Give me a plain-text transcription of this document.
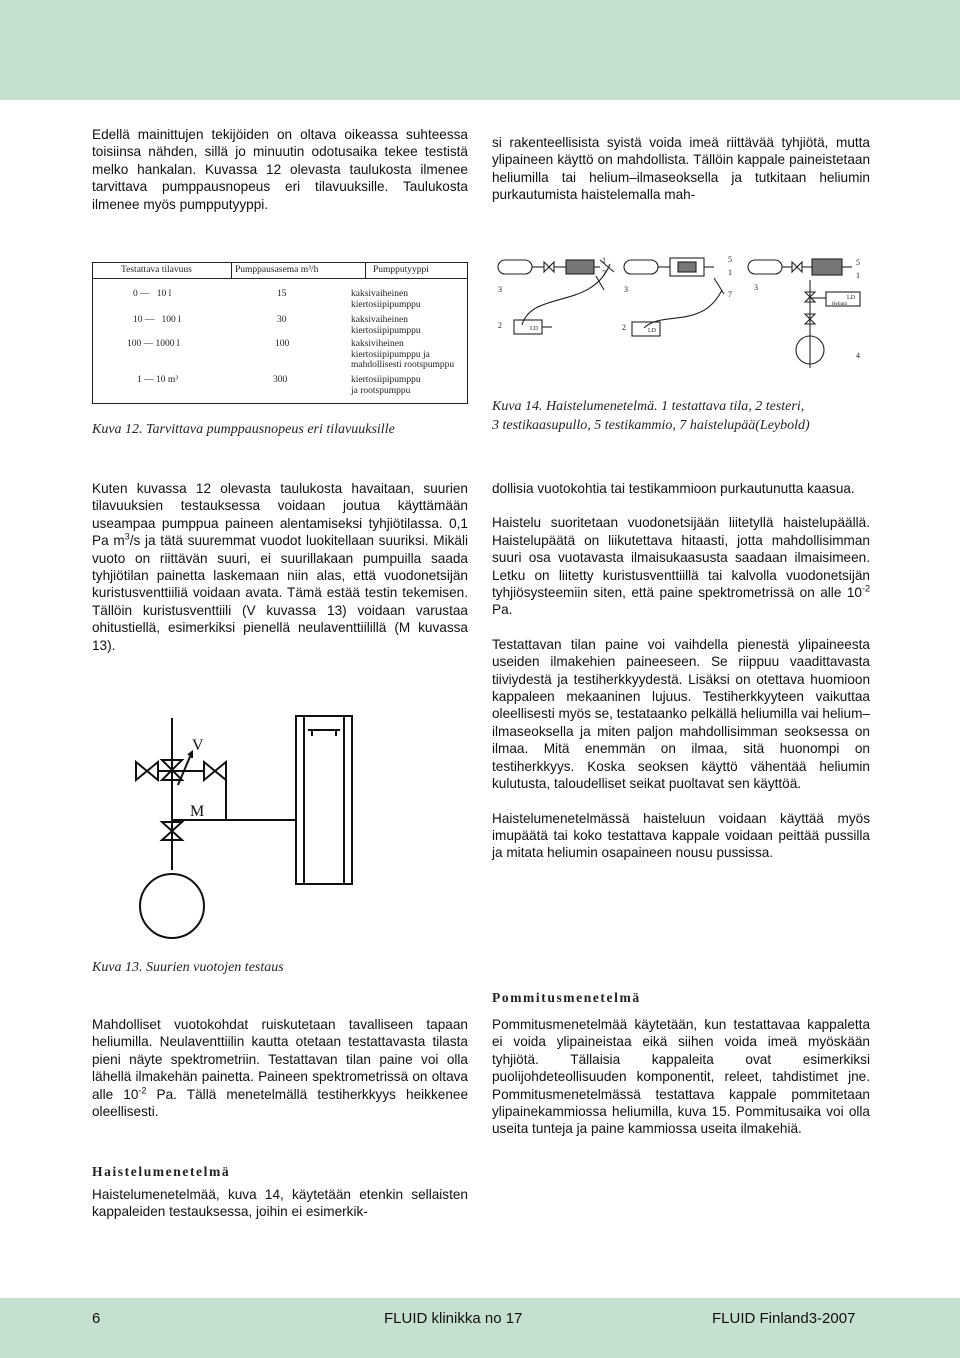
Edellä mainittujen tekijöiden on oltava oikeassa suhteessa toisiinsa nähden, sillä jo minuutin odotusaika tekee testistä melko hankalan. Kuvassa 12 olevasta taulukosta ilmenee tarvittava pumppausnopeus eri tilavuuksille. Taulukosta ilmenee myös pumpputyyppi.

si rakenteellisista syistä voida imeä riittävää tyhjiötä, mutta ylipaineen käyttö on mahdollista. Tällöin kappale paineistetaan heliumilla tai helium–ilmaseoksella ja tutkitaan heliumin purkautumista haistelemalla mah-

Testattava tilavuus	Pumppausasema m³/h	Pumpputyyppi
0 —   10 l	15	kaksivaiheinen
kiertosiipipumppu
10 —   100 l	30	kaksivaiheinen
kiertosiipipumppu
100 — 1000 l	100	kaksiviheinen
kiertosiipipumppu ja
mahdollisesti rootspumppu
1 — 10 m³	300	kiertosiipipumppu
ja rootspumppu
Kuva 12. Tarvittava pumppausnopeus eri tilavuuksille
1
7
3
2	LD
5
1
7
3
2	LD
5
1
3
LD
Helium
4
Kuva 14. Haistelumenetelmä. 1 testattava tila, 2 testeri,
3 testikaasupullo, 5 testikammio, 7 haistelupää(Leybold)

Kuten kuvassa 12 olevasta taulukosta havaitaan, suurien tilavuuksien testauksessa voidaan joutua käyttämään useampaa pumppua paineen alentamiseksi tyhjiötilassa. 0,1 Pa $m^3/s$ ja tätä suuremmat vuodot luokitellaan suuriksi. Mikäli vuoto on riittävän suuri, ei suurillakaan pumpuilla saada tyhjiötilan painetta laskemaan niin alas, että vuodonetsijän kuristusventtiiliä voidaan avata. Tämä estää testin tekemisen. Tällöin kuristusventtiili (V kuvassa 13) voidaan varustaa ohitustiellä, esimerkiksi pienellä neulaventtiilillä (M kuvassa 13).

V
M
Kuva 13. Suurien vuotojen testaus

Mahdolliset vuotokohdat ruiskutetaan tavalliseen tapaan heliumilla. Neulaventtiilin kautta otetaan testattavasta tilasta pieni näyte spektrometriin. Testattavan tilan paine voi olla lähellä ilmakehän painetta. Paineen spektrometrissä on oltava alle $10^{-2}$ Pa. Tällä menetelmällä testiherkkyys heikkenee oleellisesti.

Haistelumenetelmä

Haistelumenetelmää, kuva 14, käytetään etenkin sellaisten kappaleiden testauksessa, joihin ei esimerkik-

dollisia vuotokohtia tai testikammioon purkautunutta kaasua.

Haistelu suoritetaan vuodonetsijään liitetyllä haistelupäällä. Haistelupäätä on liikutettava hitaasti, jotta mahdollisimman suuri osa vuotavasta ilmaisukaasusta saadaan ilmaisimeen. Letku on liitetty kuristusventtiillä tai kalvolla vuodonetsijän tyhjiösysteemiin siten, että paine spektrometrissä on alle $10^{-2}$ Pa.

Testattavan tilan paine voi vaihdella pienestä ylipaineesta useiden ilmakehien paineeseen. Se riippuu vaadittavasta tiiviydestä ja testiherkkyydestä. Lisäksi on otettava huomioon kappaleen mekaaninen lujuus. Testiherkkyyteen vaikuttaa oleellisesti myös se, testataanko pelkällä heliumilla vai helium–ilmaseoksella ja miten paljon mahdollisimman seoksessa on ilmaa. Mitä enemmän on ilmaa, sitä huonompi on testiherkkyys. Koska seoksen käyttö vähentää heliumin kulutusta, taloudelliset seikat puoltavat sen käyttöä.

Haistelumenetelmässä haisteluun voidaan käyttää myös imupäätä tai koko testattava kappale voidaan peittää pussilla ja mitata heliumin osapaineen nousu pussissa.

Pommitusmenetelmä

Pommitusmenetelmää käytetään, kun testattavaa kappaletta ei voida ylipaineistaa eikä siihen voida imeä myöskään tyhjiötä. Tällaisia kappaleita ovat esimerkiksi puolijohdeteollisuuden komponentit, releet, tahdistimet jne. Pommitusmenetelmässä testattava kappale pommitetaan ylipainekammiossa heliumilla, kuva 15. Pommitusaika voi olla useita tunteja ja paine kammiossa useita ilmakehiä.

6	FLUID klinikka no 17	FLUID Finland3-2007
